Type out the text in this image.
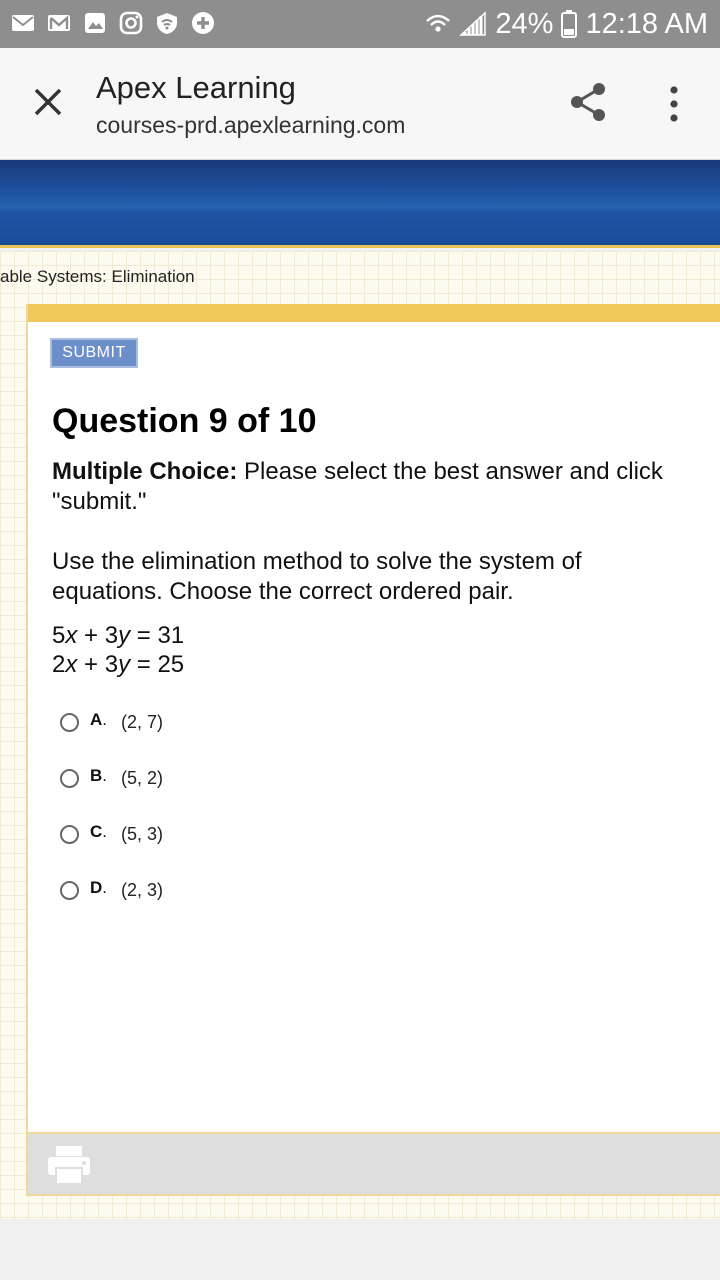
24% 12:18 AM
Apex Learning
courses-prd.apexlearning.com
able Systems: Elimination
SUBMIT
Question 9 of 10
Multiple Choice: Please select the best answer and click "submit."
Use the elimination method to solve the system of equations. Choose the correct ordered pair.
5x + 3y = 31
2x + 3y = 25
A . (2, 7)
B . (5, 2)
C . (5, 3)
D . (2, 3)
